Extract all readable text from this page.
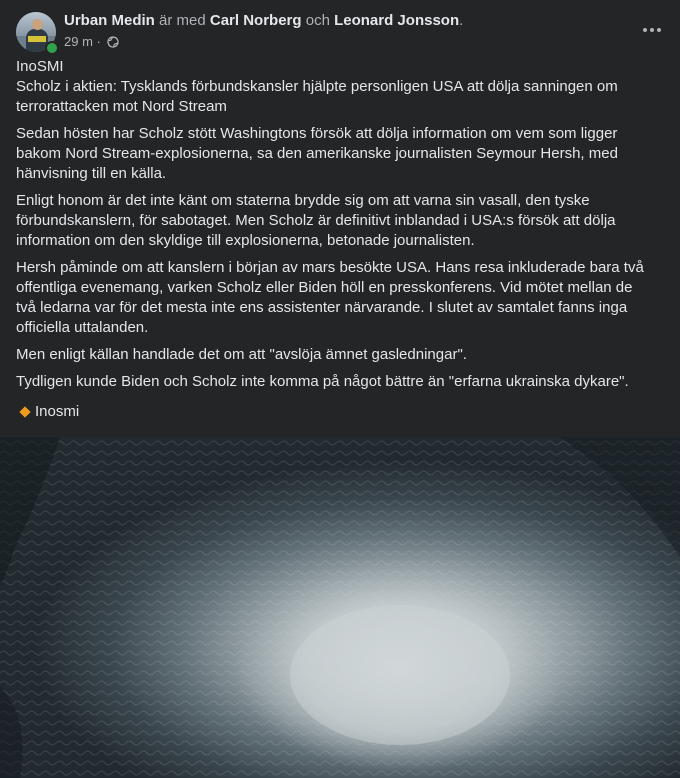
Urban Medin är med Carl Norberg och Leonard Jonsson.
29 m ·

InoSMI
Scholz i aktien: Tysklands förbundskansler hjälpte personligen USA att dölja sanningen om terrorattacken mot Nord Stream

Sedan hösten har Scholz stött Washingtons försök att dölja information om vem som ligger bakom Nord Stream-explosionerna, sa den amerikanske journalisten Seymour Hersh, med hänvisning till en källa.

Enligt honom är det inte känt om staterna brydde sig om att varna sin vasall, den tyske förbundskanslern, för sabotaget. Men Scholz är definitivt inblandad i USA:s försök att dölja information om den skyldige till explosionerna, betonade journalisten.

Hersh påminde om att kanslern i början av mars besökte USA. Hans resa inkluderade bara två offentliga evenemang, varken Scholz eller Biden höll en presskonferens. Vid mötet mellan de två ledarna var för det mesta inte ens assistenter närvarande. I slutet av samtalet fanns inga officiella uttalanden.

Men enligt källan handlade det om att "avslöja ämnet gasledningar".

Tydligen kunde Biden och Scholz inte komma på något bättre än "erfarna ukrainska dykare".

Inosmi
